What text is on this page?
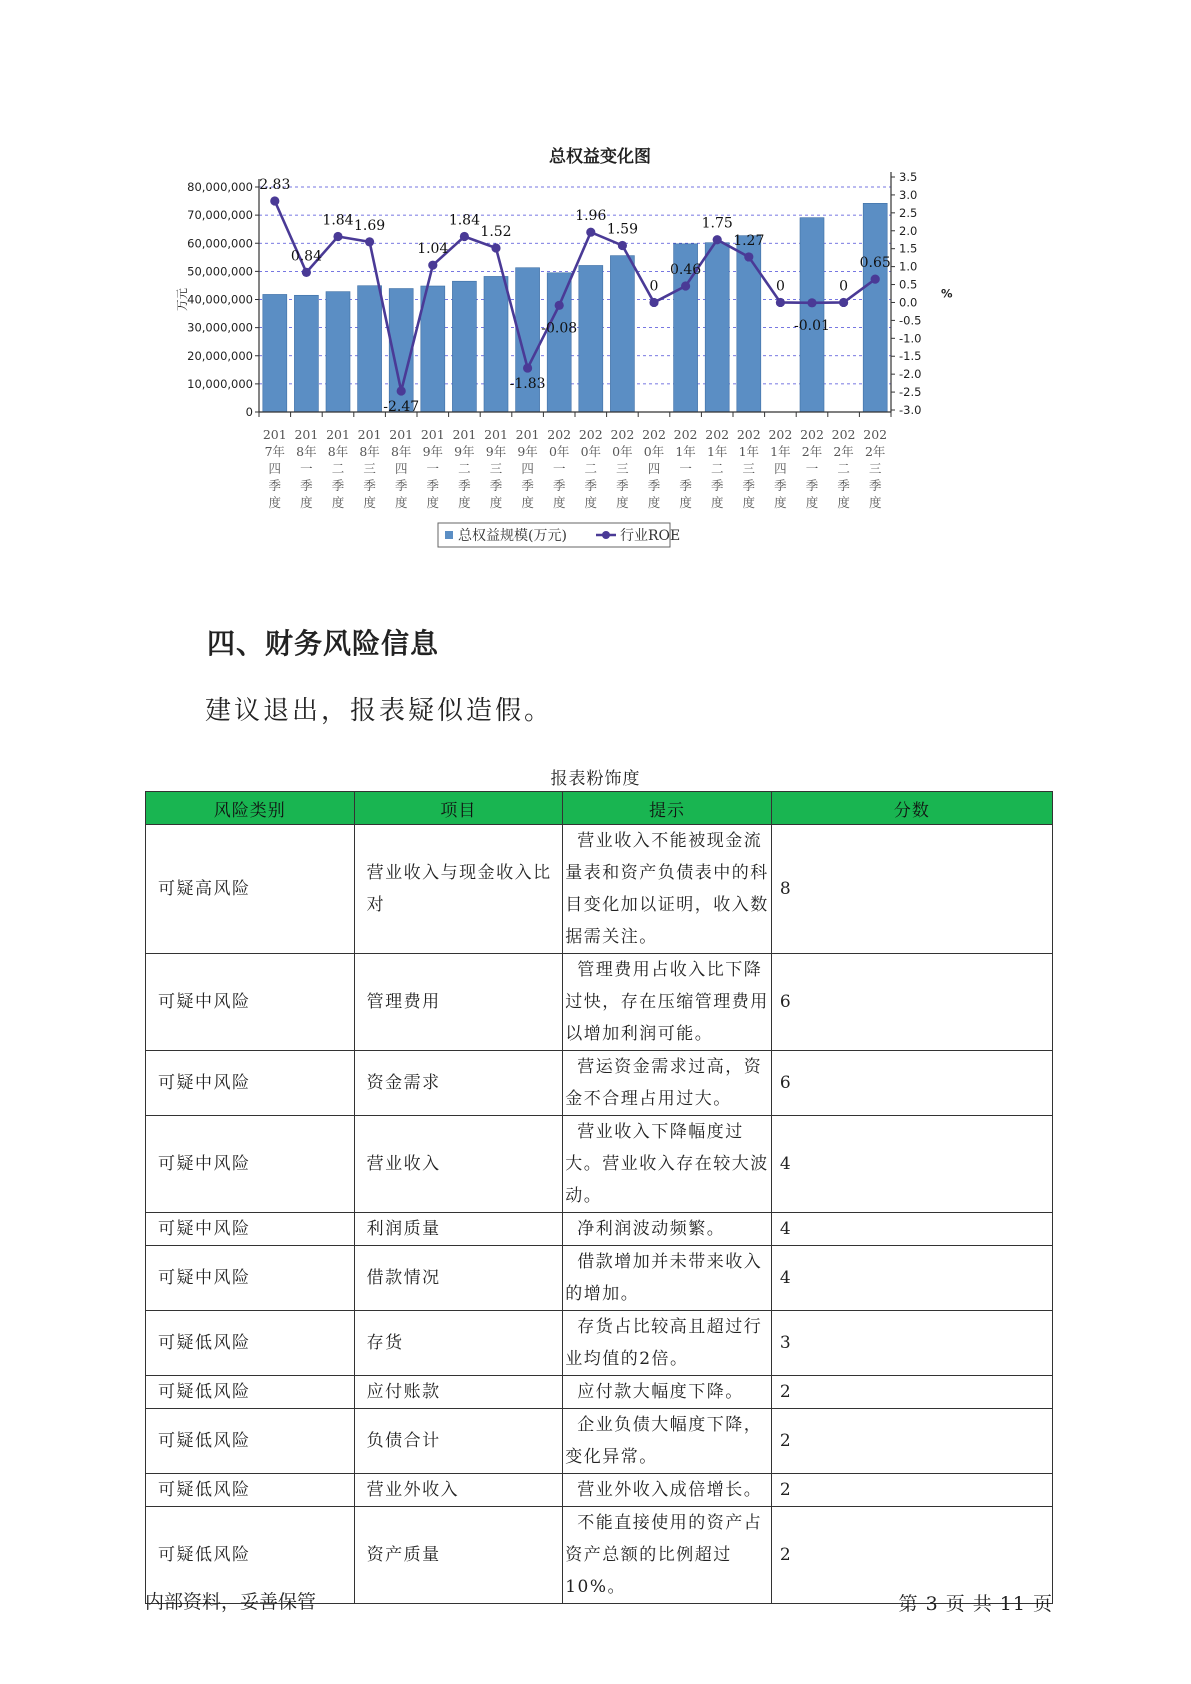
总权益变化图
0
10,000,000
20,000,000
30,000,000
40,000,000
50,000,000
60,000,000
70,000,000
80,000,000
万元
-3.0
-2.5
-2.0
-1.5
-1.0
-0.5
0.0
0.5
1.0
1.5
2.0
2.5
3.0
3.5
%
2.83
0.84
1.84 1.69
-2.47
1.04
1.84
1.52
-1.83
-0.08
1.96
1.59
0
0.46
1.75
1.27
0
-0.01
0
0.65
201
7年
四
季
度
201
8年
一
季
度
201
8年
二
季
度
201
8年
三
季
度
201
8年
四
季
度
201
9年
一
季
度
201
9年
二
季
度
201
9年
三
季
度
201
9年
四
季
度
202
0年
一
季
度
202
0年
二
季
度
202
0年
三
季
度
202
0年
四
季
度
202
1年
一
季
度
202
1年
二
季
度
202
1年
三
季
度
202
1年
四
季
度
202
2年
一
季
度
202
2年
二
季
度
202
2年
三
季
度
总权益规模(万元)	行业ROE
四、财务风险信息
建议退出，报表疑似造假。
报表粉饰度
风险类别	项目	提示	分数
可疑高风险	营业收入与现金收入比对	营业收入不能被现金流量表和资产负债表中的科目变化加以证明，收入数据需关注。	8
可疑中风险	管理费用	管理费用占收入比下降过快，存在压缩管理费用以增加利润可能。	6
可疑中风险	资金需求	营运资金需求过高，资金不合理占用过大。	6
可疑中风险	营业收入	营业收入下降幅度过大。营业收入存在较大波动。	4
可疑中风险	利润质量	净利润波动频繁。	4
可疑中风险	借款情况	借款增加并未带来收入的增加。	4
可疑低风险	存货	存货占比较高且超过行业均值的2倍。	3
可疑低风险	应付账款	应付款大幅度下降。	2
可疑低风险	负债合计	企业负债大幅度下降，变化异常。	2
可疑低风险	营业外收入	营业外收入成倍增长。	2
可疑低风险	资产质量	不能直接使用的资产占资产总额的比例超过10%。	2
内部资料，妥善保管	第 3 页 共 11 页
